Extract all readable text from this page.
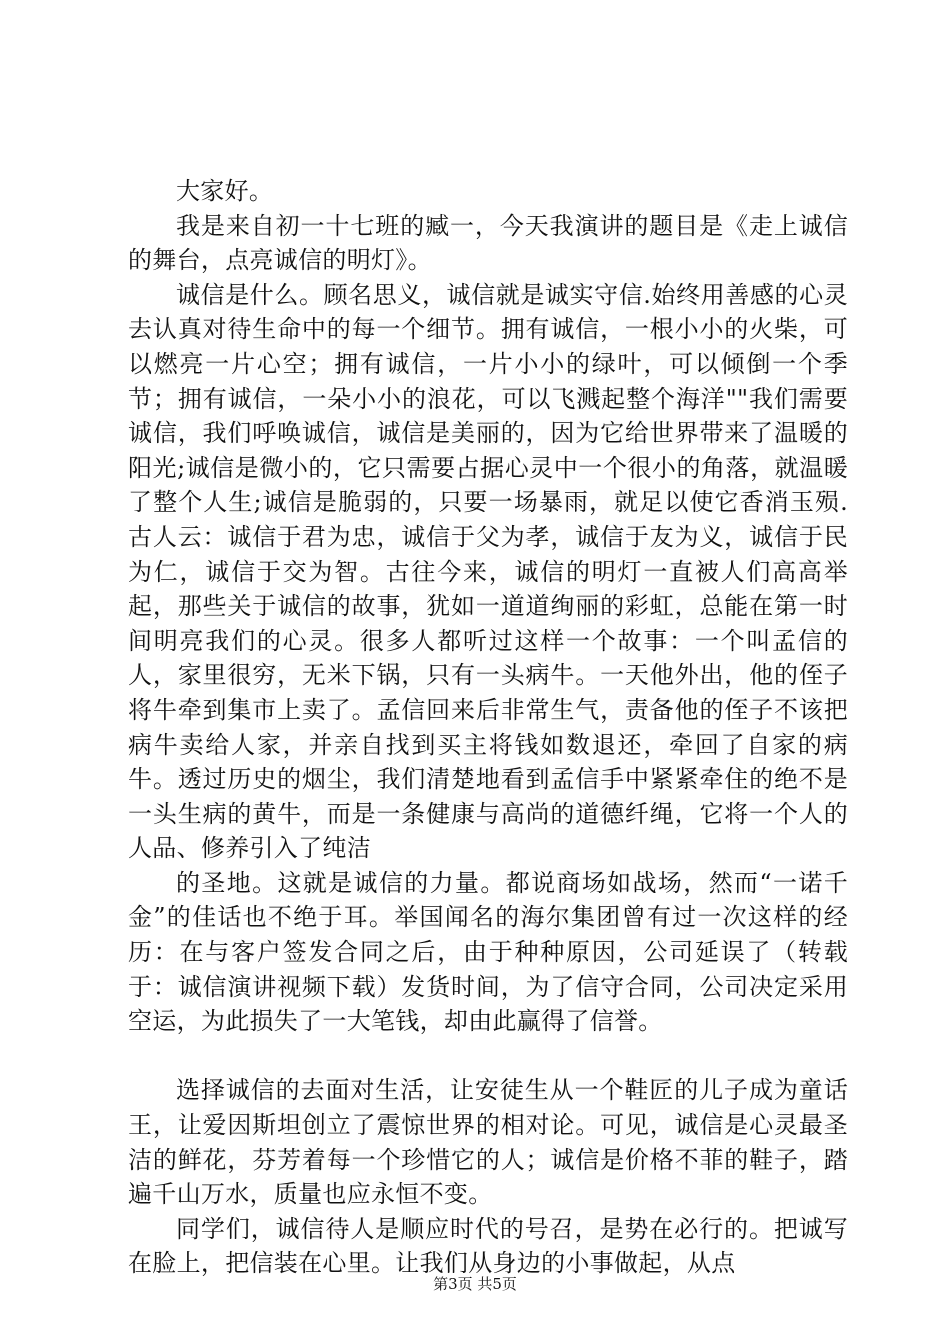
大家好。

我是来自初一十七班的臧一，今天我演讲的题目是《走上诚信的舞台，点亮诚信的明灯》。

诚信是什么。顾名思义，诚信就是诚实守信.始终用善感的心灵去认真对待生命中的每一个细节。拥有诚信，一根小小的火柴，可以燃亮一片心空；拥有诚信，一片小小的绿叶，可以倾倒一个季节；拥有诚信，一朵小小的浪花，可以飞溅起整个海洋""我们需要诚信，我们呼唤诚信，诚信是美丽的，因为它给世界带来了温暖的阳光;诚信是微小的，它只需要占据心灵中一个很小的角落，就温暖了整个人生;诚信是脆弱的，只要一场暴雨，就足以使它香消玉殒.古人云：诚信于君为忠，诚信于父为孝，诚信于友为义，诚信于民为仁，诚信于交为智。古往今来，诚信的明灯一直被人们高高举起，那些关于诚信的故事，犹如一道道绚丽的彩虹，总能在第一时间明亮我们的心灵。很多人都听过这样一个故事：一个叫孟信的人，家里很穷，无米下锅，只有一头病牛。一天他外出，他的侄子将牛牵到集市上卖了。孟信回来后非常生气，责备他的侄子不该把病牛卖给人家，并亲自找到买主将钱如数退还，牵回了自家的病牛。透过历史的烟尘，我们清楚地看到孟信手中紧紧牵住的绝不是一头生病的黄牛，而是一条健康与高尚的道德纤绳，它将一个人的人品、修养引入了纯洁

的圣地。这就是诚信的力量。都说商场如战场，然而“一诺千金”的佳话也不绝于耳。举国闻名的海尔集团曾有过一次这样的经历：在与客户签发合同之后，由于种种原因，公司延误了（转载于：诚信演讲视频下载）发货时间，为了信守合同，公司决定采用空运，为此损失了一大笔钱，却由此赢得了信誉。

选择诚信的去面对生活，让安徒生从一个鞋匠的儿子成为童话王，让爱因斯坦创立了震惊世界的相对论。可见，诚信是心灵最圣洁的鲜花，芬芳着每一个珍惜它的人；诚信是价格不菲的鞋子，踏遍千山万水，质量也应永恒不变。

同学们，诚信待人是顺应时代的号召，是势在必行的。把诚写在脸上，把信装在心里。让我们从身边的小事做起，从点

第3页 共5页
